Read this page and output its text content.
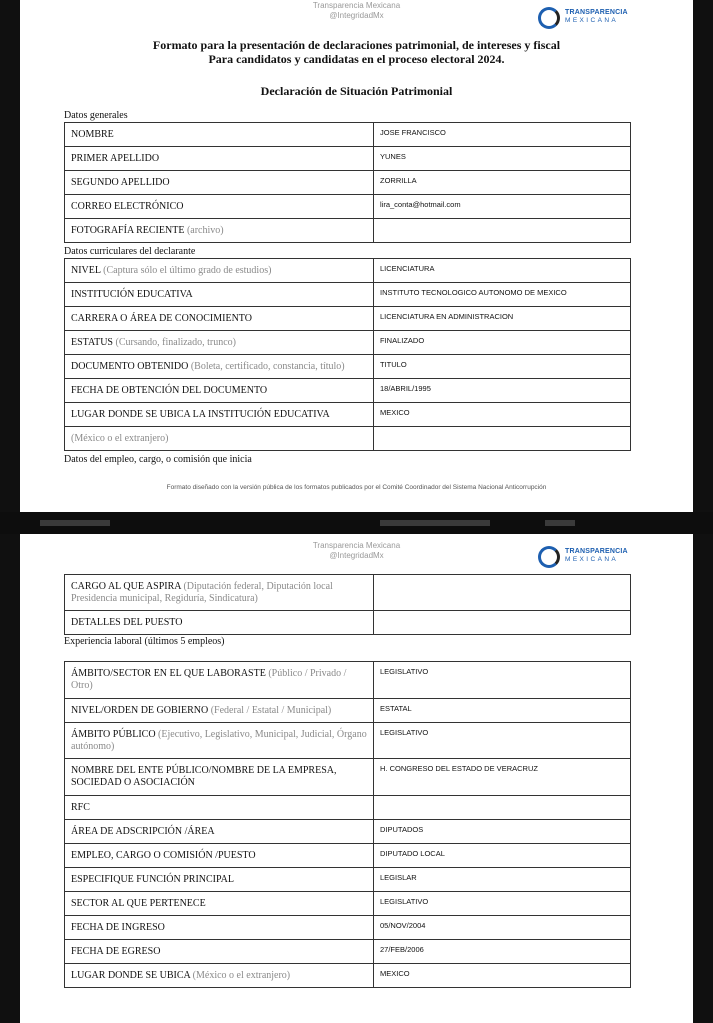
Transparencia Mexicana
@IntegridadMx	TRANSPARENCIA
MEXICANA
Formato para la presentación de declaraciones patrimonial, de intereses y fiscal
Para candidatos y candidatas en el proceso electoral 2024.
Declaración de Situación Patrimonial
Datos generales
NOMBRE	JOSE FRANCISCO
PRIMER APELLIDO	YUNES
SEGUNDO APELLIDO	ZORRILLA
CORREO ELECTRÓNICO	lira_conta@hotmail.com
FOTOGRAFÍA RECIENTE (archivo)	
Datos curriculares del declarante
NIVEL (Captura sólo el último grado de estudios)	LICENCIATURA
INSTITUCIÓN EDUCATIVA	INSTITUTO TECNOLOGICO AUTONOMO DE MEXICO
CARRERA O ÁREA DE CONOCIMIENTO	LICENCIATURA EN ADMINISTRACION
ESTATUS (Cursando, finalizado, trunco)	FINALIZADO
DOCUMENTO OBTENIDO (Boleta, certificado, constancia, título)	TITULO
FECHA DE OBTENCIÓN DEL DOCUMENTO	18/ABRIL/1995
LUGAR DONDE SE UBICA LA INSTITUCIÓN EDUCATIVA	MEXICO
(México o el extranjero)	
Datos del empleo, cargo, o comisión que inicia
Formato diseñado con la versión pública de los formatos publicados por el Comité Coordinador del Sistema Nacional Anticorrupción
Transparencia Mexicana
@IntegridadMx	TRANSPARENCIA
MEXICANA
CARGO AL QUE ASPIRA (Diputación federal, Diputación local Presidencia municipal, Regiduría, Sindicatura)	
DETALLES DEL PUESTO	
Experiencia laboral (últimos 5 empleos)
ÁMBITO/SECTOR EN EL QUE LABORASTE (Público / Privado / Otro)	LEGISLATIVO
NIVEL/ORDEN DE GOBIERNO (Federal / Estatal / Municipal)	ESTATAL
ÁMBITO PÚBLICO (Ejecutivo, Legislativo, Municipal, Judicial, Órgano autónomo)	LEGISLATIVO
NOMBRE DEL ENTE PÚBLICO/NOMBRE DE LA EMPRESA, SOCIEDAD O ASOCIACIÓN	H. CONGRESO DEL ESTADO DE VERACRUZ
RFC	
ÁREA DE ADSCRIPCIÓN /ÁREA	DIPUTADOS
EMPLEO, CARGO O COMISIÓN /PUESTO	DIPUTADO LOCAL
ESPECIFIQUE FUNCIÓN PRINCIPAL	LEGISLAR
SECTOR AL QUE PERTENECE	LEGISLATIVO
FECHA DE INGRESO	05/NOV/2004
FECHA DE EGRESO	27/FEB/2006
LUGAR DONDE SE UBICA (México o el extranjero)	MEXICO
